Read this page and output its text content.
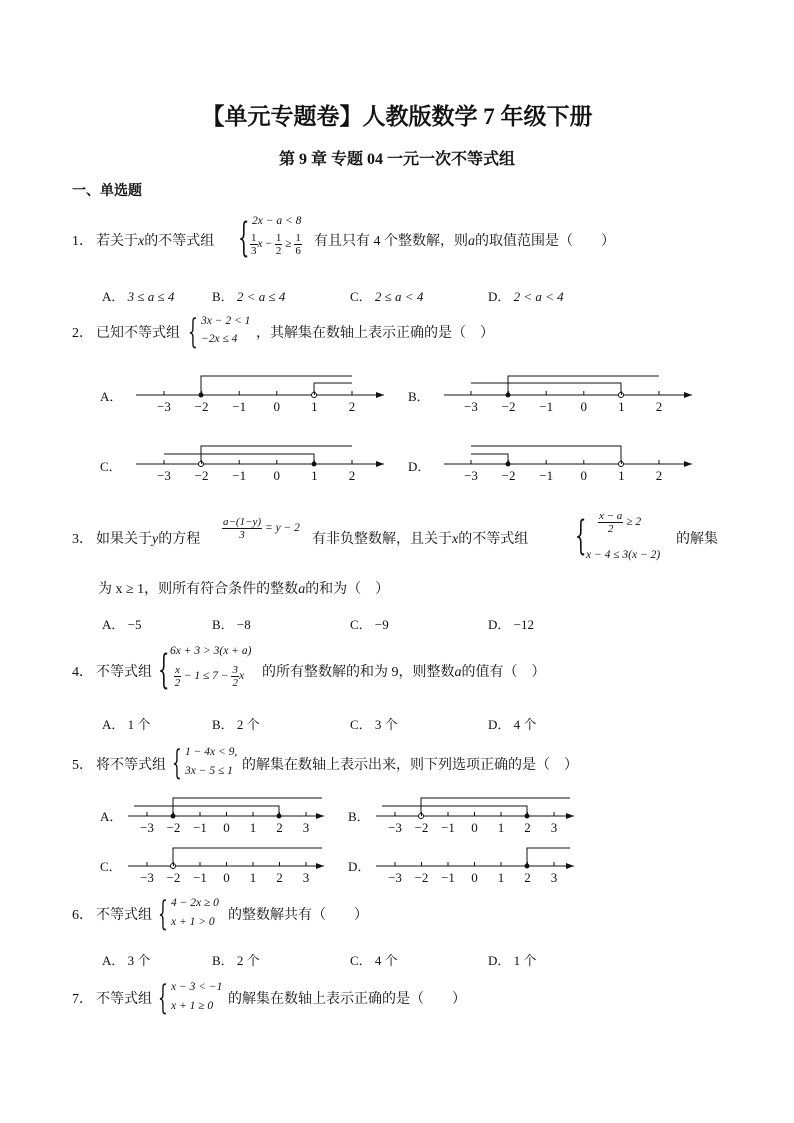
【单元专题卷】人教版数学 7 年级下册
第 9 章 专题 04 一元一次不等式组
一、单选题
1． 若关于x的不等式组 { 2x − a < 8
$\frac{1}{3}$ $x - \frac{1}{2} \ge \frac{1}{6}$ 有且只有 4 个整数解，则a的取值范围是（　　）
A． 3 ≤ a ≤ 4	B． 2 < a ≤ 4	C． 2 ≤ a < 4	D． 2 < a < 4
2． 已知不等式组 { 3x − 2 < 1
−2x ≤ 4 ，其解集在数轴上表示正确的是（　）
A．
−3 −2 −1 0 1 2
B．
−3 −2 −1 0 1 2
C．
−3 −2 −1 0 1 2
D．
−3 −2 −1 0 1 2
3． 如果关于y的方程 $\frac{a-(1-y)}{3} = y - 2$
有非负整数解，且关于x的不等式组 { $\frac{x - a}{2} \ge 2$
x − 4 ≤ 3(x − 2)
的解集
为 x ≥ 1，则所有符合条件的整数a的和为（　）
A． −5	B． −8	C． −9	D． −12
4． 不等式组 { 6x + 3 > 3(x + a)
$\frac{x}{2} - 1 \le 7 - \frac{3}{2}$ x 的所有整数解的和为 9，则整数a的值有（　）
A． 1 个	B． 2 个	C． 3 个	D． 4 个
5． 将不等式组 { 1 − 4x < 9,
3x − 5 ≤ 1 的解集在数轴上表示出来，则下列选项正确的是（　）
A．
−3 −2 −1 0 1 2 3
B．
−3 −2 −1 0 1 2 3
C．
−3 −2 −1 0 1 2 3
D．
−3 −2 −1 0 1 2 3
6． 不等式组 { 4 − 2x ≥ 0
x + 1 > 0 的整数解共有（　　）
A． 3 个	B． 2 个	C． 4 个	D． 1 个
7． 不等式组 { x − 3 < −1
x + 1 ≥ 0 的解集在数轴上表示正确的是（　　）
